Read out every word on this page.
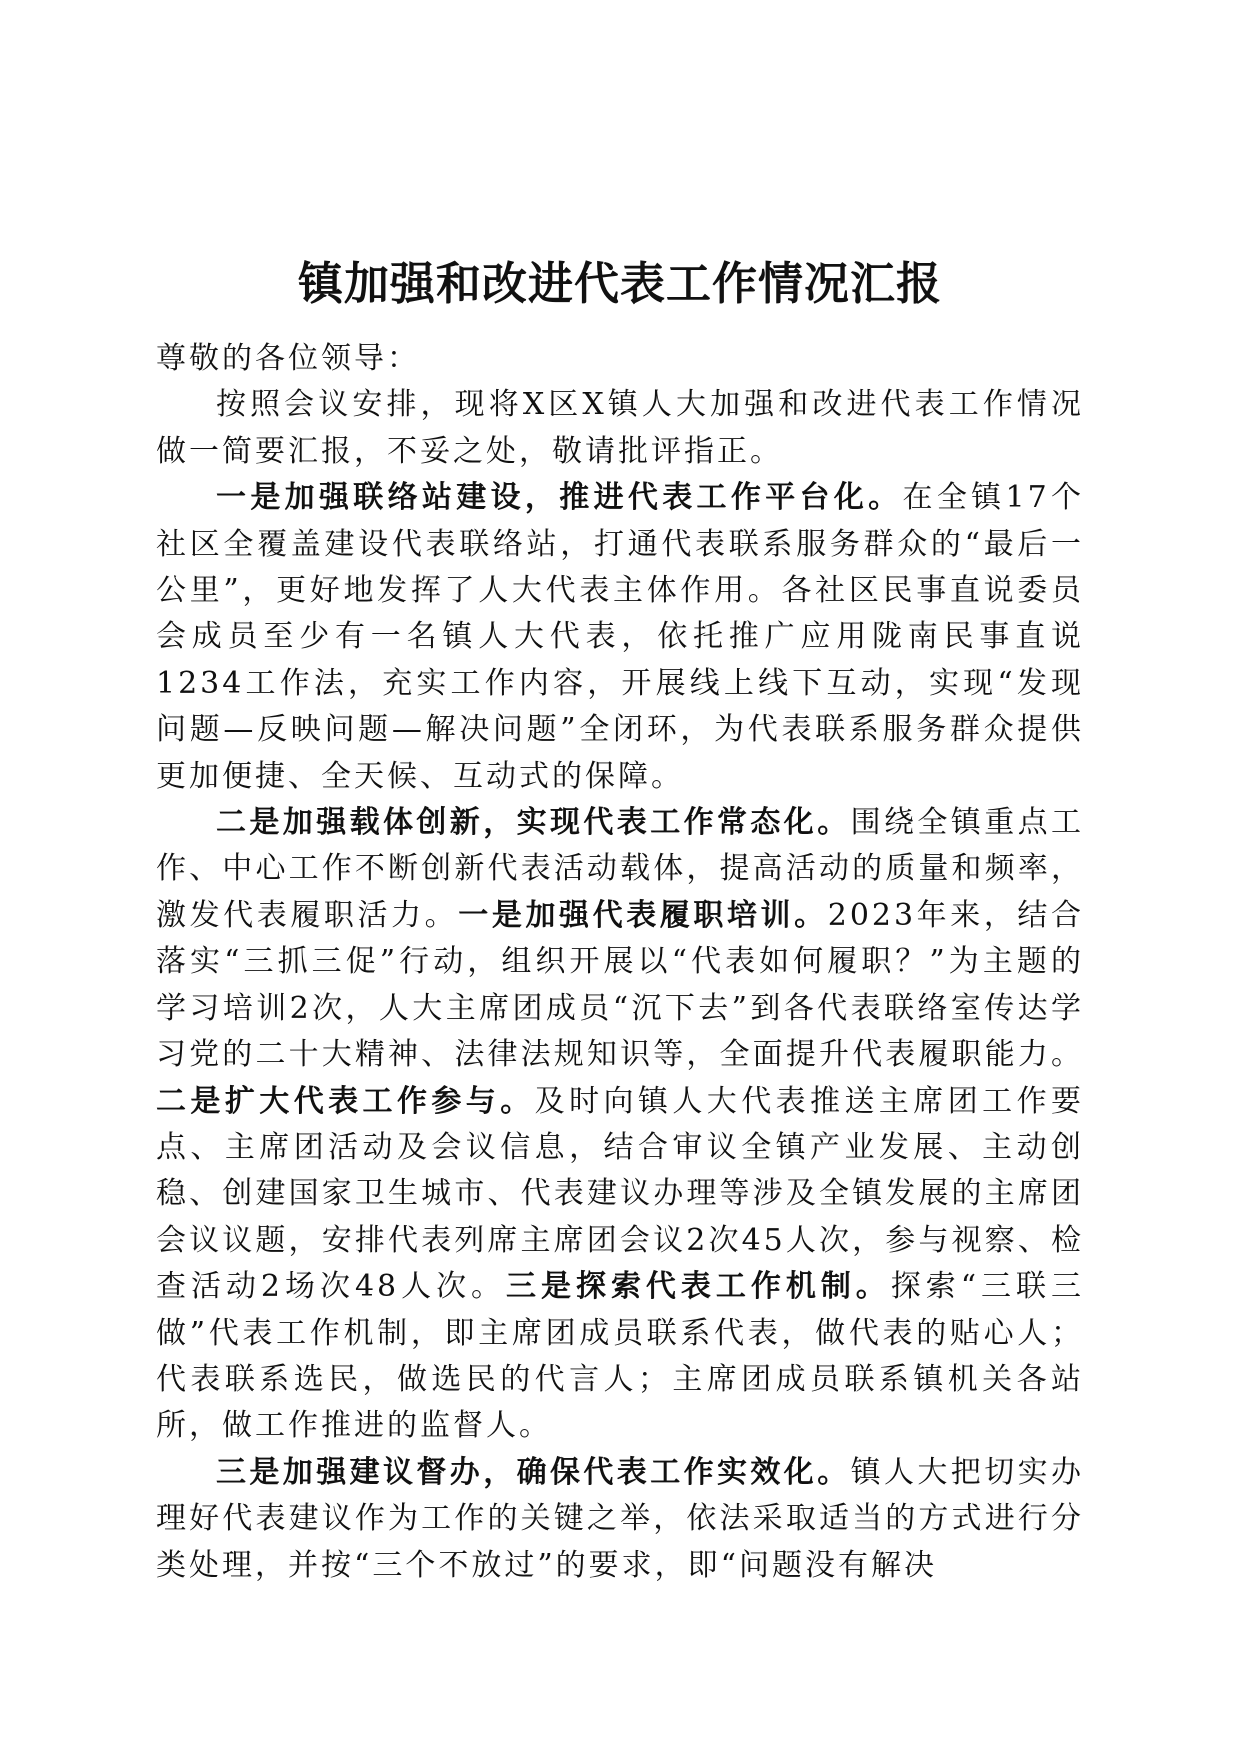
镇加强和改进代表工作情况汇报

尊敬的各位领导：

按照会议安排，现将X区X镇人大加强和改进代表工作情况做一简要汇报，不妥之处，敬请批评指正。

一是加强联络站建设，推进代表工作平台化。在全镇17个社区全覆盖建设代表联络站，打通代表联系服务群众的“最后一公里”，更好地发挥了人大代表主体作用。各社区民事直说委员会成员至少有一名镇人大代表，依托推广应用陇南民事直说1234工作法，充实工作内容，开展线上线下互动，实现“发现问题—反映问题—解决问题”全闭环，为代表联系服务群众提供更加便捷、全天候、互动式的保障。

二是加强载体创新，实现代表工作常态化。围绕全镇重点工作、中心工作不断创新代表活动载体，提高活动的质量和频率，激发代表履职活力。一是加强代表履职培训。2023年来，结合落实“三抓三促”行动，组织开展以“代表如何履职？”为主题的学习培训2次，人大主席团成员“沉下去”到各代表联络室传达学习党的二十大精神、法律法规知识等，全面提升代表履职能力。二是扩大代表工作参与。及时向镇人大代表推送主席团工作要点、主席团活动及会议信息，结合审议全镇产业发展、主动创稳、创建国家卫生城市、代表建议办理等涉及全镇发展的主席团会议议题，安排代表列席主席团会议2次45人次，参与视察、检查活动2场次48人次。三是探索代表工作机制。探索“三联三做”代表工作机制，即主席团成员联系代表，做代表的贴心人；代表联系选民，做选民的代言人；主席团成员联系镇机关各站所，做工作推进的监督人。

三是加强建议督办，确保代表工作实效化。镇人大把切实办理好代表建议作为工作的关键之举，依法采取适当的方式进行分类处理，并按“三个不放过”的要求，即“问题没有解决
